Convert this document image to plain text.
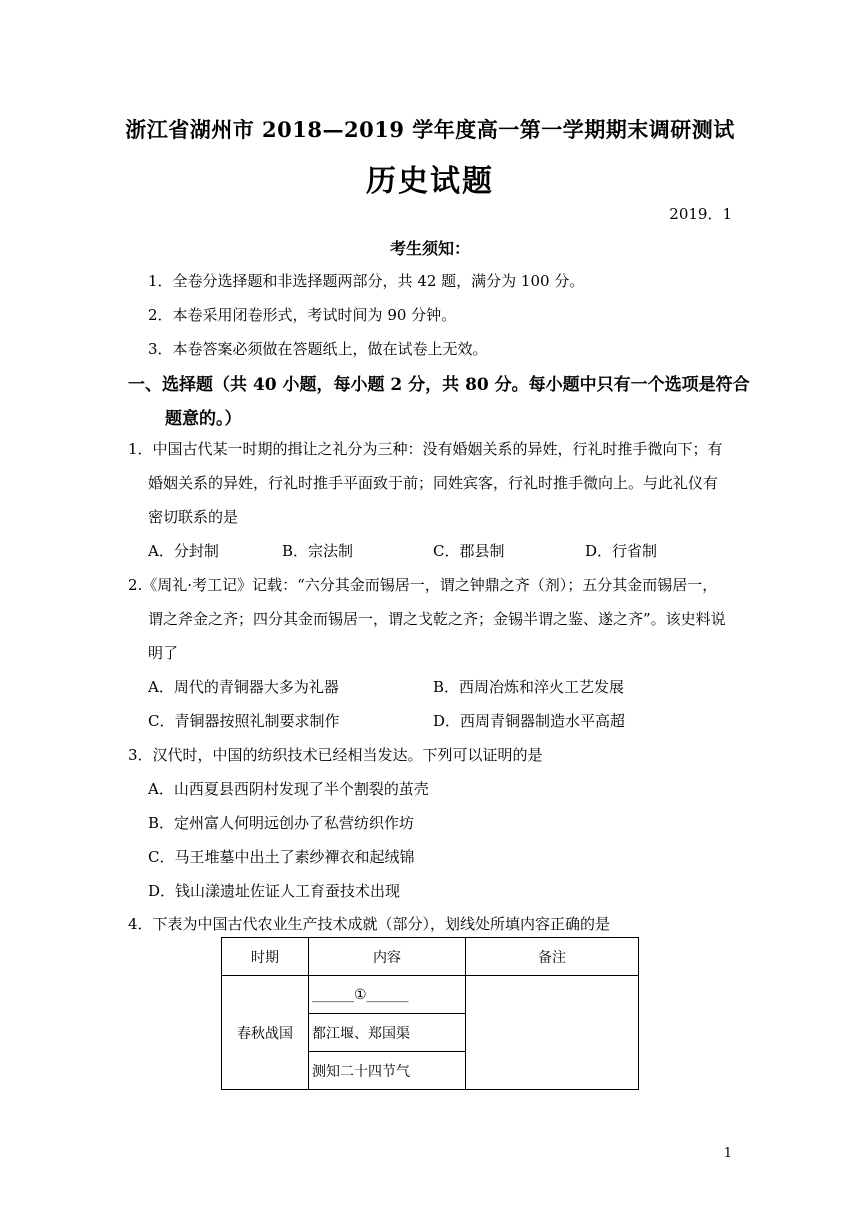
浙江省湖州市 2018—2019 学年度高一第一学期期末调研测试
历史试题
2019．1
考生须知：
1．全卷分选择题和非选择题两部分，共 42 题，满分为 100 分。
2．本卷采用闭卷形式，考试时间为 90 分钟。
3．本卷答案必须做在答题纸上，做在试卷上无效。
一、选择题（共 40 小题，每小题 2 分，共 80 分。每小题中只有一个选项是符合
题意的。）
1．中国古代某一时期的揖让之礼分为三种：没有婚姻关系的异姓，行礼时推手微向下；有
婚姻关系的异姓，行礼时推手平面致于前；同姓宾客，行礼时推手微向上。与此礼仪有
密切联系的是
A．分封制	B．宗法制	C．郡县制	D．行省制
2.《周礼·考工记》记载：“六分其金而锡居一，谓之钟鼎之齐（剂）；五分其金而锡居一，
谓之斧金之齐；四分其金而锡居一，谓之戈乾之齐；金锡半谓之鉴、遂之齐”。该史料说
明了
A．周代的青铜器大多为礼器	B．西周冶炼和淬火工艺发展
C．青铜器按照礼制要求制作	D．西周青铜器制造水平高超
3．汉代时，中国的纺织技术已经相当发达。下列可以证明的是
A．山西夏县西阴村发现了半个割裂的茧壳
B．定州富人何明远创办了私营纺织作坊
C．马王堆墓中出土了素纱襌衣和起绒锦
D．钱山漾遗址佐证人工育蚕技术出现
4．下表为中国古代农业生产技术成就（部分），划线处所填内容正确的是
时期	内容	备注
春秋战国	______①______	
	都江堰、郑国渠	
	测知二十四节气	
1
